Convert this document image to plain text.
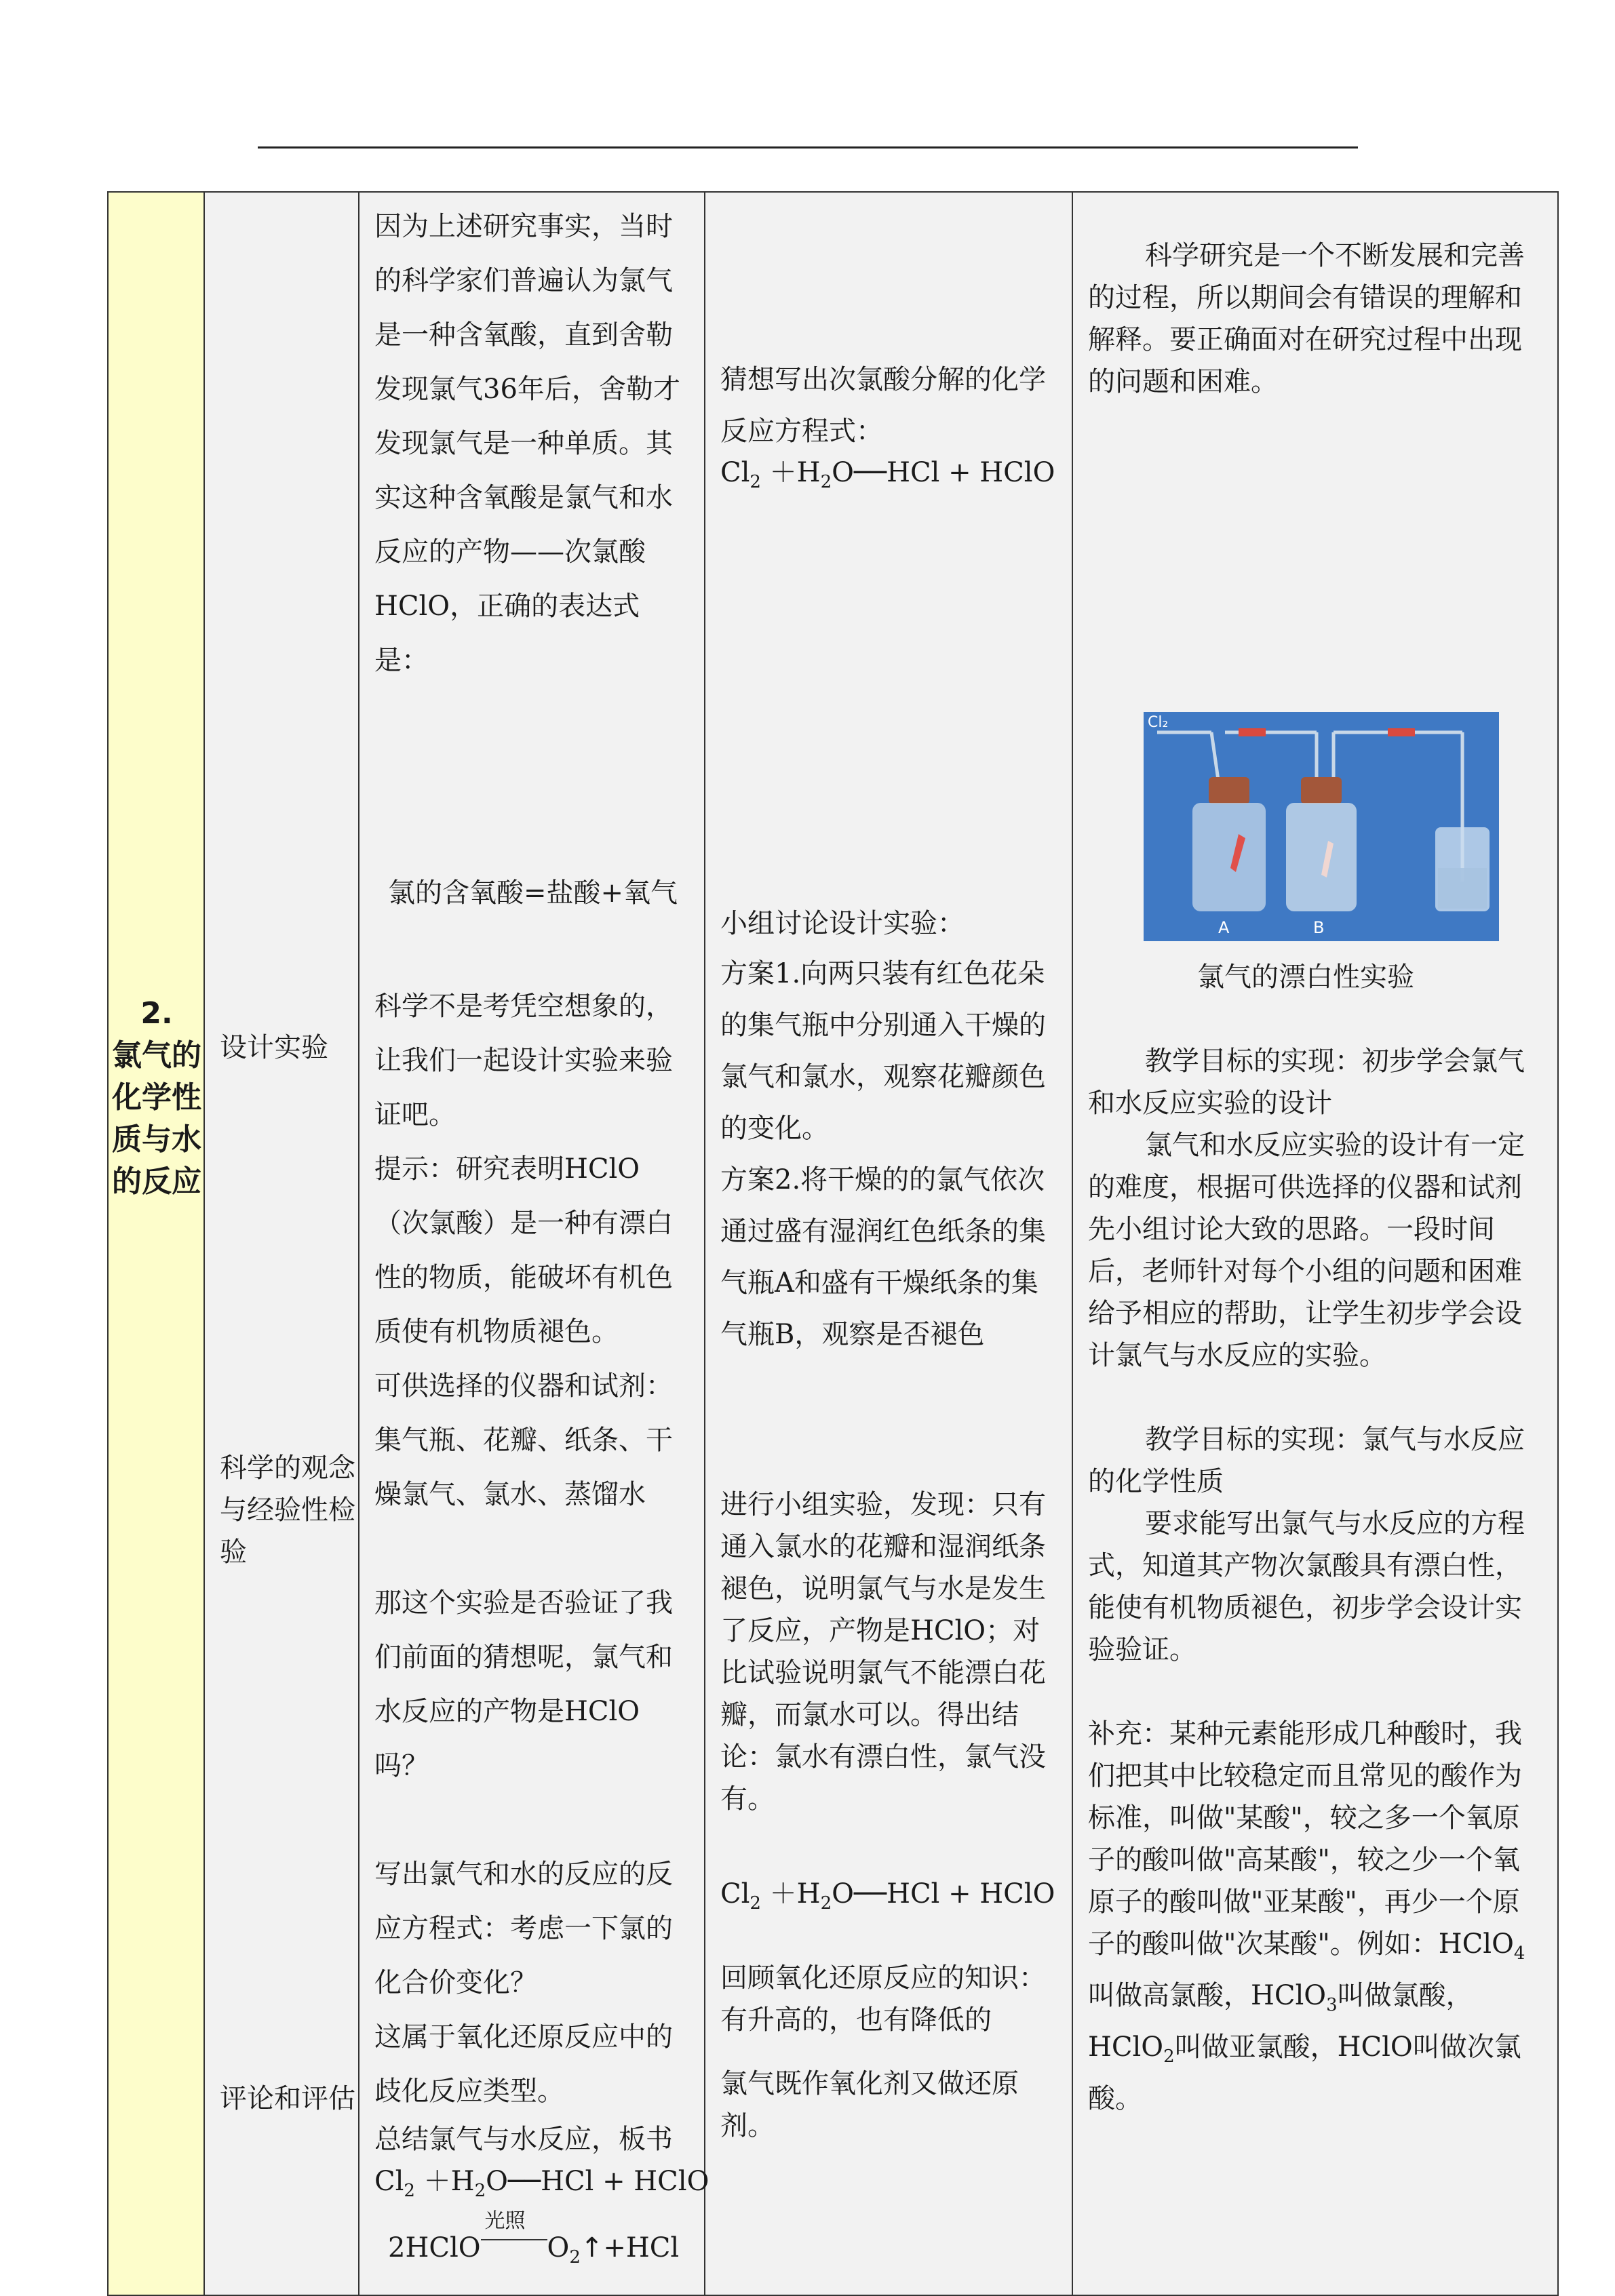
2.
氯气的化学性质与水的反应
设计实验
科学的观念与经验性检验
评论和评估

因为上述研究事实，当时的科学家们普遍认为氯气是一种含氧酸，直到舍勒发现氯气36年后，舍勒才发现氯气是一种单质。其实这种含氧酸是氯气和水反应的产物——次氯酸HClO，正确的表达式是：

氯的含氧酸=盐酸+氧气

科学不是考凭空想象的，让我们一起设计实验来验证吧。

提示：研究表明HClO（次氯酸）是一种有漂白性的物质，能破坏有机色质使有机物质褪色。

可供选择的仪器和试剂：集气瓶、花瓣、纸条、干燥氯气、氯水、蒸馏水

那这个实验是否验证了我们前面的猜想呢，氯气和水反应的产物是HClO吗？

写出氯气和水的反应的反应方程式：考虑一下氯的化合价变化？

这属于氧化还原反应中的歧化反应类型。

总结氯气与水反应，板书

$Cl_2$ $+H_2O──HCl$ + HClO
2HClO
光照
$O_2↑+HCl$

猜想写出次氯酸分解的化学反应方程式：

$Cl_2$ $+H_2O──HCl$ + HClO

小组讨论设计实验：

方案1.向两只装有红色花朵的集气瓶中分别通入干燥的氯气和氯水，观察花瓣颜色的变化。

方案2.将干燥的的氯气依次通过盛有湿润红色纸条的集气瓶A和盛有干燥纸条的集气瓶B，观察是否褪色

进行小组实验，发现：只有通入氯水的花瓣和湿润纸条褪色，说明氯气与水是发生了反应，产物是HClO；对比试验说明氯气不能漂白花瓣，而氯水可以。得出结论：氯水有漂白性，氯气没有。

$Cl_2$ $+H_2O──HCl$ + HClO

回顾氧化还原反应的知识：有升高的，也有降低的

氯气既作氧化剂又做还原剂。

科学研究是一个不断发展和完善的过程，所以期间会有错误的理解和解释。要正确面对在研究过程中出现的问题和困难。

教学目标的实现：初步学会氯气和水反应实验的设计

氯气和水反应实验的设计有一定的难度，根据可供选择的仪器和试剂先小组讨论大致的思路。一段时间后，老师针对每个小组的问题和困难给予相应的帮助，让学生初步学会设计氯气与水反应的实验。

教学目标的实现：氯气与水反应的化学性质

要求能写出氯气与水反应的方程式，知道其产物次氯酸具有漂白性，能使有机物质褪色，初步学会设计实验验证。

补充：某种元素能形成几种酸时，我们把其中比较稳定而且常见的酸作为标准，叫做"某酸"，较之多一个氧原子的酸叫做"高某酸"，较之少一个氧原子的酸叫做"亚某酸"，再少一个原子的酸叫做"次某酸"。例如：HClO$_4$叫做高氯酸，HClO$_3$叫做氯酸，HClO$_2$叫做亚氯酸，HClO叫做次氯酸。

Cl₂
A	B
氯气的漂白性实验
